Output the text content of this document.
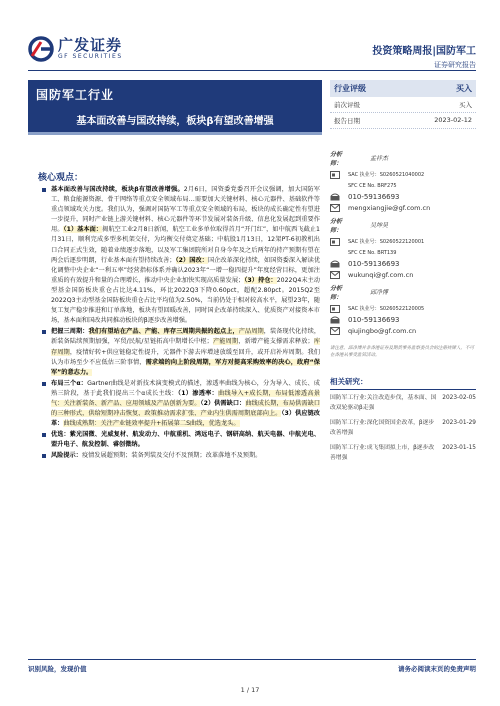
广发证券
GF SECURITIES	投资策略周报|国防军工
证券研究报告
国防军工行业
基本面改善与国改持续，板块β有望改善增强
行业评级	买入
前次评级	买入
报告日期	2023-02-12
核心观点：
基本面改善与国改持续，板块β有望改善增强。2月6日，国资委党委召开会议强调，加大国防军工、粮食能源资源、骨干网络等重点安全领域布局…需要加大关键材料、核心元器件、基础软件等重点领域攻关力度。我们认为，强调对国防军工等重点安全领域的布局，板块的成长确定性有望进一步提升，同时产业链上游关键材料、核心元器件等环节发展对装备升级、信息化发展起到重要作用。（1）基本面：揭航空工业2月8日新闻，航空工业多单位取得首月“开门红”，如中航西飞截止1月31日，顺利完成多型多机架交付，为均衡交付奠定基础；中航股1月13日，12架PT-6初教机出口合同正式生效，随着业绩逐步落地，以及军工集团院所对自身今年及之后两年的持产预期有望在两会后逐步明朗，行业基本面有望持续改善；（2）国改：国企改革深化持续，如国资委深入解读优化调整中央企业“一利五率”经营指标体系并确认2023年“一增一稳四提升”年度经营目标，更加注重质的有效提升和量的合理增长，推动中央企业加快实现高质量发展；（3）持仓：2022Q4末主动型基金国防板块重仓占比达4.11%，环比2022Q3下降0.60pct，超配2.80pct。2015Q2至2022Q3主动型基金国防板块重仓占比平均值为2.50%，当前仍处于相对较高水平，展望23年，随复工复产稳步推进和订单落地，板块有望回暖改善，同时国企改革持续深入、优质资产对接资本市场，基本面和国改共同推动板块的β逐步改善增强。
把握三周期：我们有望站在产品、产能、库存三周期共振的起点上，产品周期，装备现代化持续，新装备陆续预期加强，军贸/民航/星链拓高中期增长中枢；产能周期，新增产能支撑需求释放；库存周期，疫情好转+供应链稳定性提升，元器件下游去库增速放缓至回升，或开启补库周期。我们认为市场至少不应低估三阶事情，需求端的向上阶段周期，军方对提高采购效率的决心，政府“保军”的意志力。
布局三个α：Gartner曲线是对新技术演变模式的描述，渗透率曲线为核心，分为导入、成长、成熟三阶段，基于此我们提出三个α成长主线：（1）渗透率：曲线导入+成长期，布局低渗透高景气：关注新装备、新产品、应用领域及产品创新为要。（2）供需缺口：曲线成长期，布局供需缺口的三种形式，供给短期冲击恢复、政策推动需求扩张、产业内生供需周期底部向上。（3）供应链改革：曲线成熟期：关注产业链效率提升+拓展第二S曲线，优选龙头。
优选：紫光国微、光威复材、航发动力、中航重机、鸿远电子、钢研高纳、航天电器、中航光电、盟升电子、航发控制、睿创微纳。
风险提示：疫情发展超预期；装备列装及交付不及预期；改革落地不及预期。
分析师：
孟祥杰
SAC 执业号：S0260521040002
SFC CE No. BRF275
010-59136693
mengxiangjie@gf.com.cn
分析师：
吴坤昊
SAC 执业号：S0260522120001
SFC CE No. BRT139
010-59136693
wukunqi@gf.com.cn
分析师：
邱净博
SAC 执业号：S0260522120005
010-59136693
qiujingbo@gf.com.cn
请注意，邱净博并非香港证券及期货事务监察委员会的注册持牌人，不可在香港从事受监管活动。
相关研究：
国防军工行业:关注改造步伐，基本面、国改双轮驱动β走强
2023-02-05
国防军工行业:深化国资国企改革，β逐步改善增强
2023-01-29
国防军工行业:成飞集团拟上市，β逐步改善增强
2023-01-15
识别风险，发现价值	请务必阅读末页的免责声明
1 / 17
